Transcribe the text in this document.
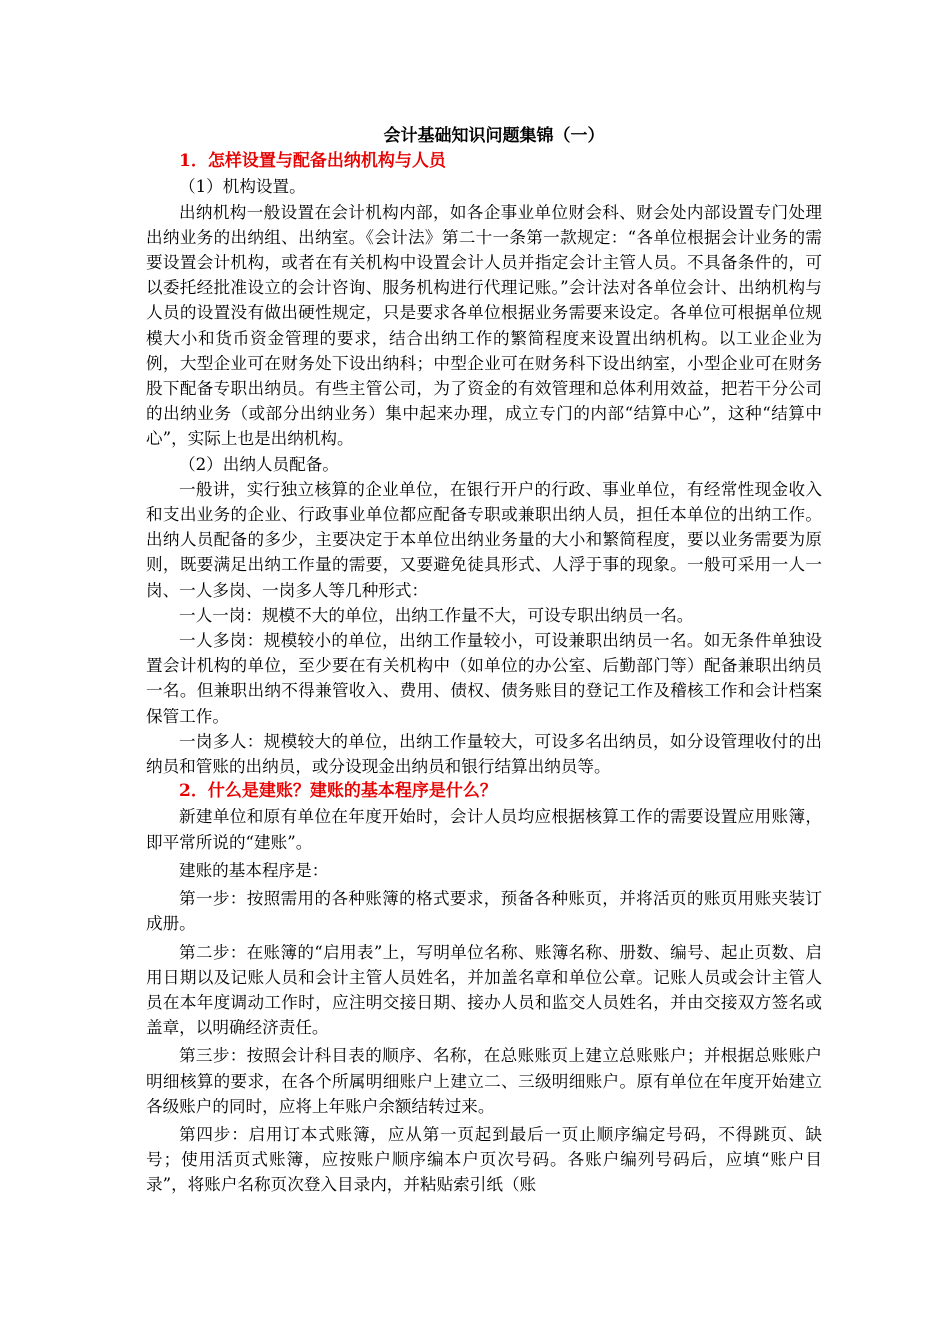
会计基础知识问题集锦（一）

1．怎样设置与配备出纳机构与人员

（1）机构设置。

出纳机构一般设置在会计机构内部，如各企事业单位财会科、财会处内部设置专门处理出纳业务的出纳组、出纳室。《会计法》第二十一条第一款规定：“各单位根据会计业务的需要设置会计机构，或者在有关机构中设置会计人员并指定会计主管人员。不具备条件的，可以委托经批准设立的会计咨询、服务机构进行代理记账。”会计法对各单位会计、出纳机构与人员的设置没有做出硬性规定，只是要求各单位根据业务需要来设定。各单位可根据单位规模大小和货币资金管理的要求，结合出纳工作的繁简程度来设置出纳机构。以工业企业为例，大型企业可在财务处下设出纳科；中型企业可在财务科下设出纳室，小型企业可在财务股下配备专职出纳员。有些主管公司，为了资金的有效管理和总体利用效益，把若干分公司的出纳业务（或部分出纳业务）集中起来办理，成立专门的内部“结算中心”，这种“结算中心”，实际上也是出纳机构。

（2）出纳人员配备。

一般讲，实行独立核算的企业单位，在银行开户的行政、事业单位，有经常性现金收入和支出业务的企业、行政事业单位都应配备专职或兼职出纳人员，担任本单位的出纳工作。出纳人员配备的多少，主要决定于本单位出纳业务量的大小和繁简程度，要以业务需要为原则，既要满足出纳工作量的需要，又要避免徒具形式、人浮于事的现象。一般可采用一人一岗、一人多岗、一岗多人等几种形式：

一人一岗：规模不大的单位，出纳工作量不大，可设专职出纳员一名。

一人多岗：规模较小的单位，出纳工作量较小，可设兼职出纳员一名。如无条件单独设置会计机构的单位，至少要在有关机构中（如单位的办公室、后勤部门等）配备兼职出纳员一名。但兼职出纳不得兼管收入、费用、债权、债务账目的登记工作及稽核工作和会计档案保管工作。

一岗多人：规模较大的单位，出纳工作量较大，可设多名出纳员，如分设管理收付的出纳员和管账的出纳员，或分设现金出纳员和银行结算出纳员等。

2．什么是建账？建账的基本程序是什么？

新建单位和原有单位在年度开始时，会计人员均应根据核算工作的需要设置应用账簿，即平常所说的“建账”。

建账的基本程序是：

第一步：按照需用的各种账簿的格式要求，预备各种账页，并将活页的账页用账夹装订成册。

第二步：在账簿的“启用表”上，写明单位名称、账簿名称、册数、编号、起止页数、启用日期以及记账人员和会计主管人员姓名，并加盖名章和单位公章。记账人员或会计主管人员在本年度调动工作时，应注明交接日期、接办人员和监交人员姓名，并由交接双方签名或盖章，以明确经济责任。

第三步：按照会计科目表的顺序、名称，在总账账页上建立总账账户；并根据总账账户明细核算的要求，在各个所属明细账户上建立二、三级明细账户。原有单位在年度开始建立各级账户的同时，应将上年账户余额结转过来。

第四步：启用订本式账簿，应从第一页起到最后一页止顺序编定号码，不得跳页、缺号；使用活页式账簿，应按账户顺序编本户页次号码。各账户编列号码后，应填“账户目录”，将账户名称页次登入目录内，并粘贴索引纸（账
